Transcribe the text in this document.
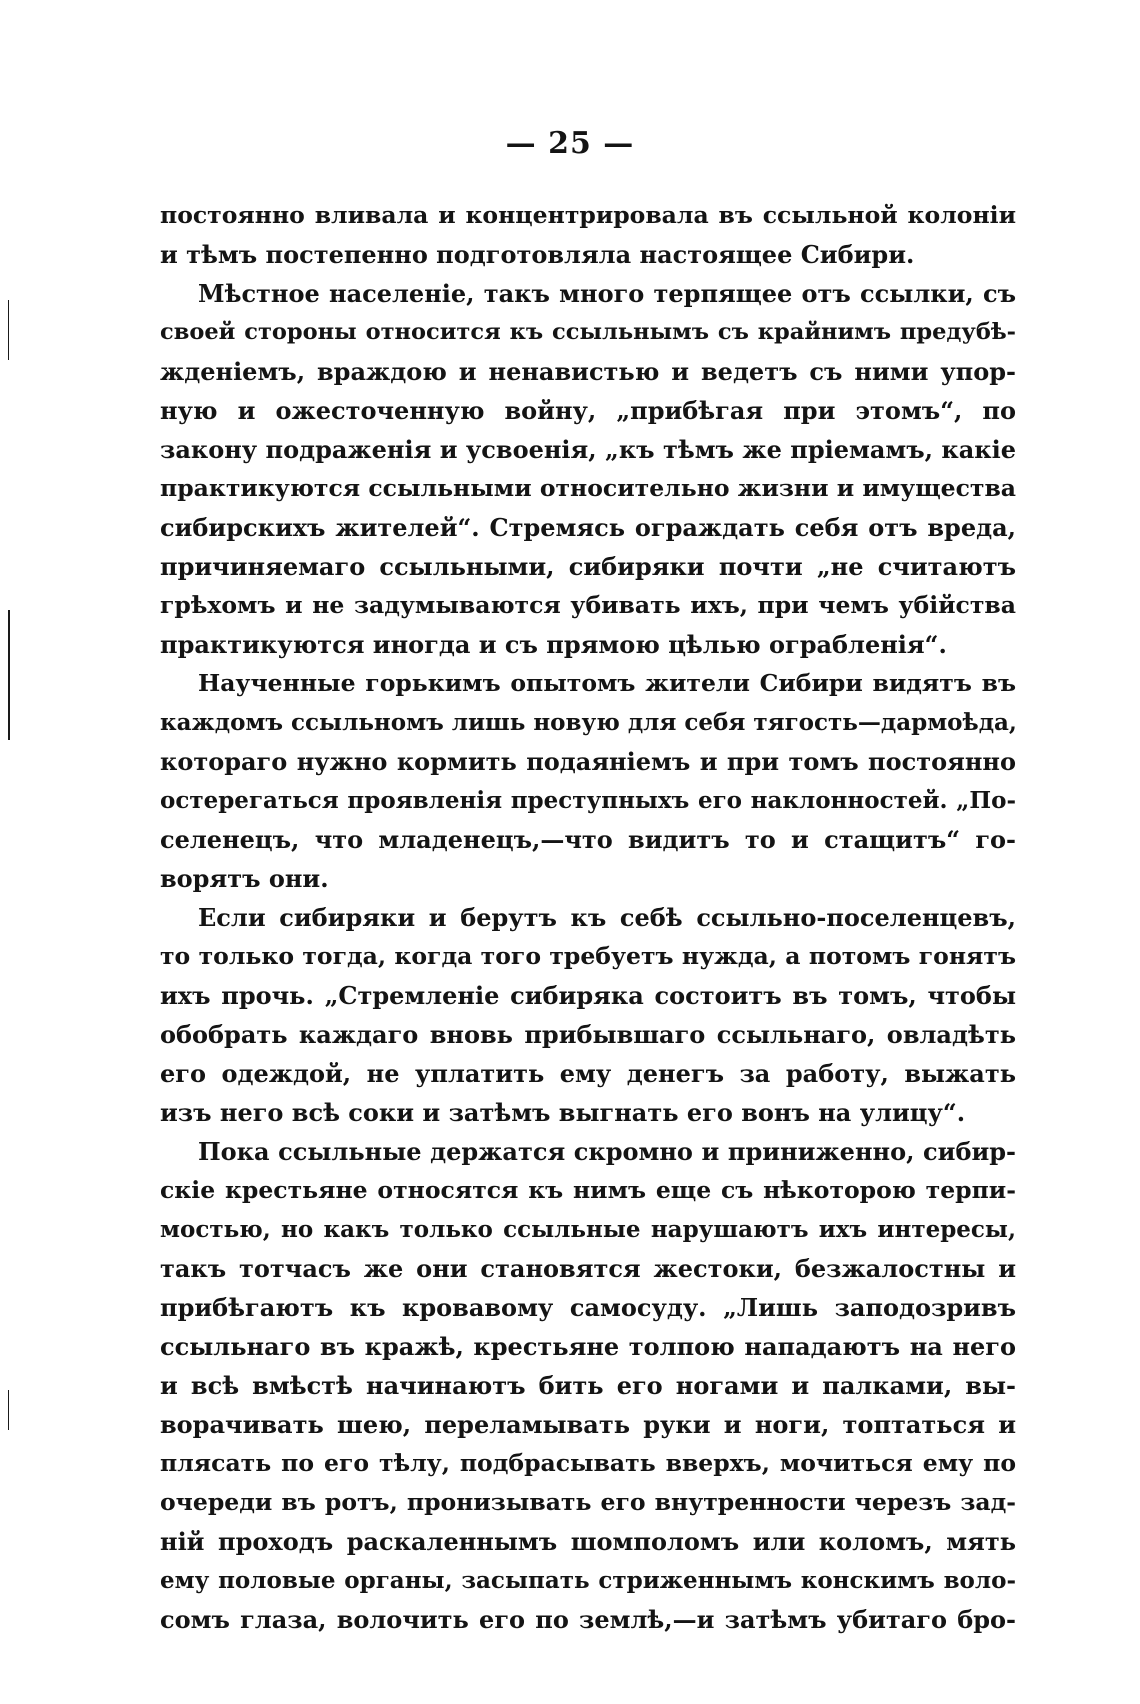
— 25 —
постоянно вливала и концентрировала въ ссыльной колоніи
и тѣмъ постепенно подготовляла настоящее Сибири.
Мѣстное населеніе, такъ много терпящее отъ ссылки, съ
своей стороны относится къ ссыльнымъ съ крайнимъ предубѣ-
жденіемъ, враждою и ненавистью и ведетъ съ ними упор-
ную и ожесточенную войну, „прибѣгая при этомъ“, по
закону подраженія и усвоенія, „къ тѣмъ же пріемамъ, какіе
практикуются ссыльными относительно жизни и имущества
сибирскихъ жителей“. Стремясь ограждать себя отъ вреда,
причиняемаго ссыльными, сибиряки почти „не считаютъ
грѣхомъ и не задумываются убивать ихъ, при чемъ убійства
практикуются иногда и съ прямою цѣлью ограбленія“.
Наученные горькимъ опытомъ жители Сибири видятъ въ
каждомъ ссыльномъ лишь новую для себя тягость—дармоѣда,
котораго нужно кормить подаяніемъ и при томъ постоянно
остерегаться проявленія преступныхъ его наклонностей. „По-
селенецъ, что младенецъ,—что видитъ то и стащитъ“ го-
ворятъ они.
Если сибиряки и берутъ къ себѣ ссыльно-поселенцевъ,
то только тогда, когда того требуетъ нужда, а потомъ гонятъ
ихъ прочь. „Стремленіе сибиряка состоитъ въ томъ, чтобы
обобрать каждаго вновь прибывшаго ссыльнаго, овладѣть
его одеждой, не уплатить ему денегъ за работу, выжать
изъ него всѣ соки и затѣмъ выгнать его вонъ на улицу“.
Пока ссыльные держатся скромно и приниженно, сибир-
скіе крестьяне относятся къ нимъ еще съ нѣкоторою терпи-
мостью, но какъ только ссыльные нарушаютъ ихъ интересы,
такъ тотчасъ же они становятся жестоки, безжалостны и
прибѣгаютъ къ кровавому самосуду. „Лишь заподозривъ
ссыльнаго въ кражѣ, крестьяне толпою нападаютъ на него
и всѣ вмѣстѣ начинаютъ бить его ногами и палками, вы-
ворачивать шею, переламывать руки и ноги, топтаться и
плясать по его тѣлу, подбрасывать вверхъ, мочиться ему по
очереди въ ротъ, пронизывать его внутренности черезъ зад-
ній проходъ раскаленнымъ шомполомъ или коломъ, мять
ему половые органы, засыпать стриженнымъ конскимъ воло-
сомъ глаза, волочить его по землѣ,—и затѣмъ убитаго бро-
